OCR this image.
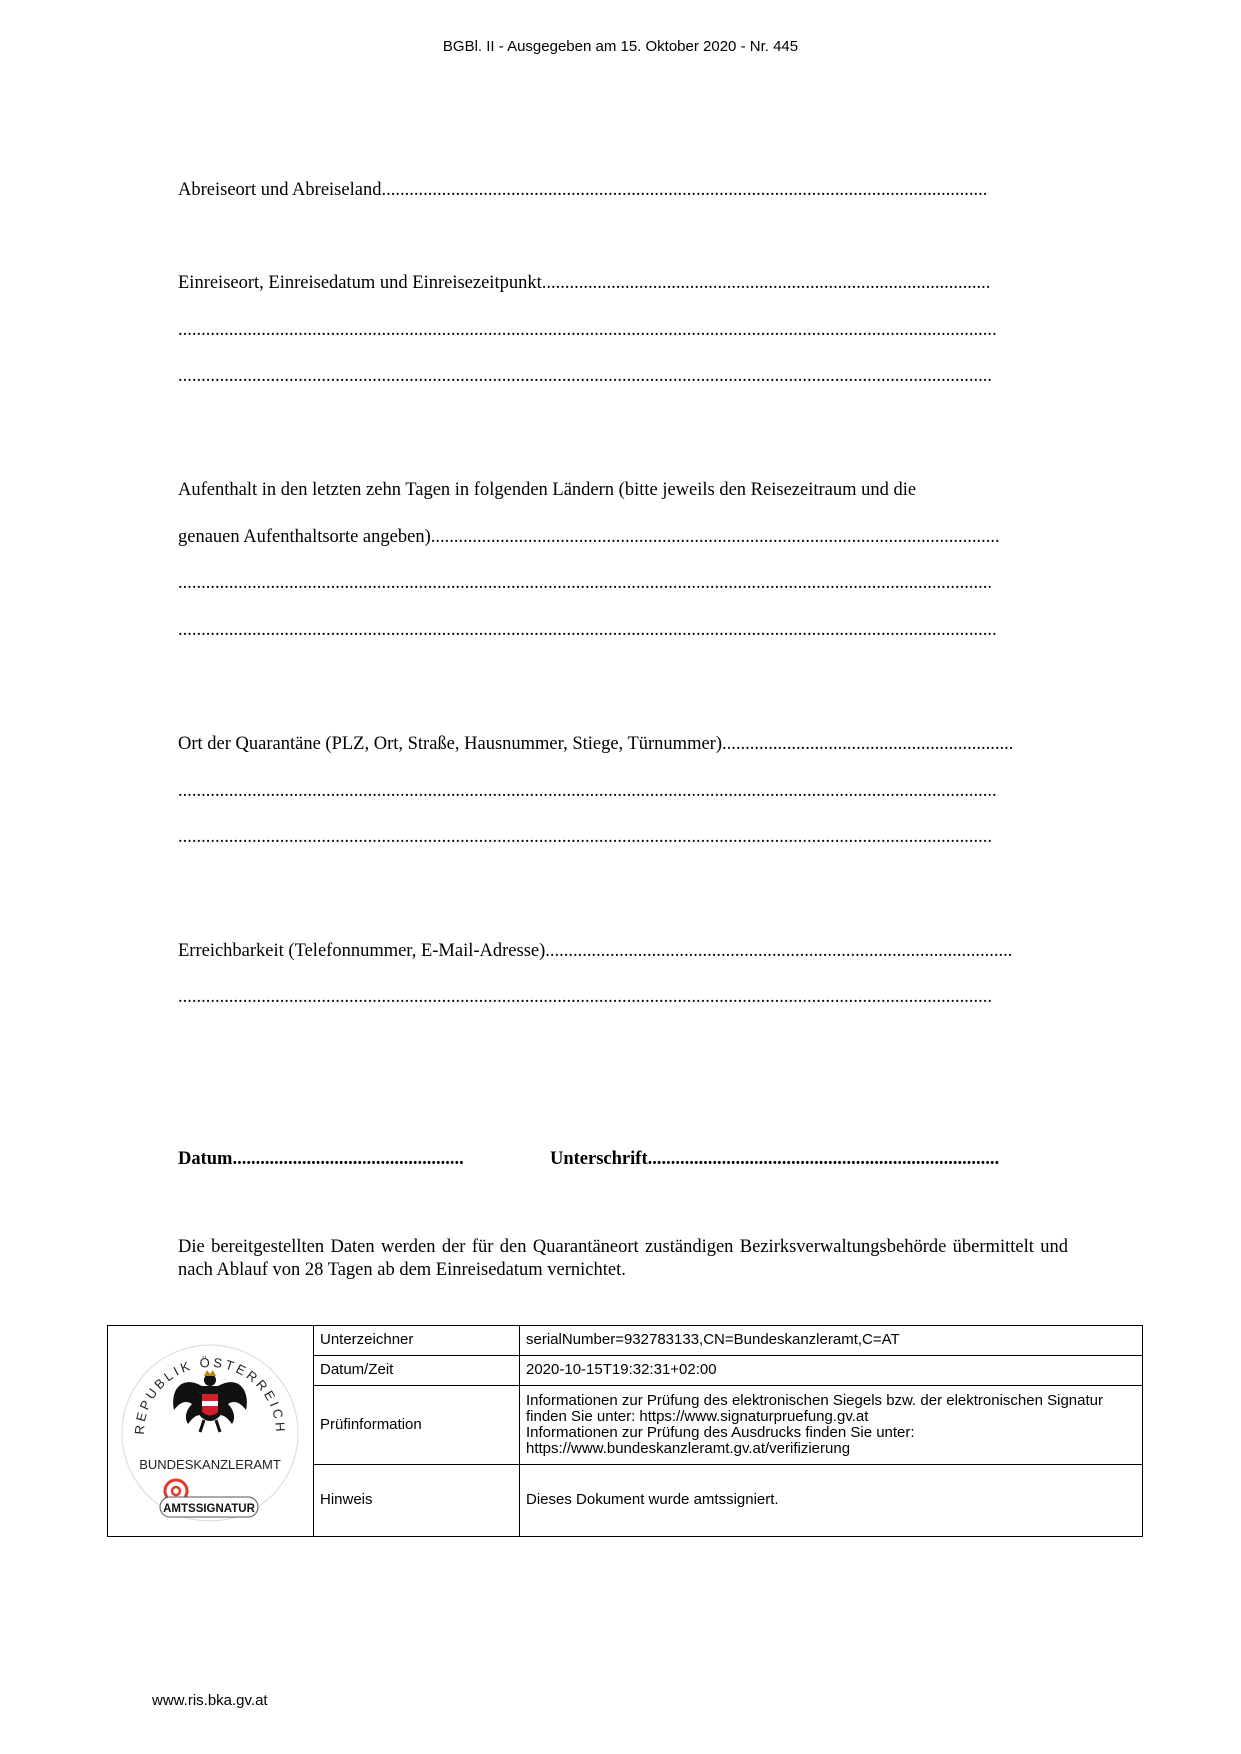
BGBl. II - Ausgegeben am 15. Oktober 2020 - Nr. 445
Abreiseort und Abreiseland...................................................................................................................................
Einreiseort, Einreisedatum und Einreisezeitpunkt.................................................................................................
.................................................................................................................................................................................
................................................................................................................................................................................
Aufenthalt in den letzten zehn Tagen in folgenden Ländern (bitte jeweils den Reisezeitraum und die
genauen Aufenthaltsorte angeben)...........................................................................................................................
................................................................................................................................................................................
.................................................................................................................................................................................
Ort der Quarantäne (PLZ, Ort, Straße, Hausnummer, Stiege, Türnummer)...............................................................
.................................................................................................................................................................................
................................................................................................................................................................................
Erreichbarkeit (Telefonnummer, E-Mail-Adresse).....................................................................................................
................................................................................................................................................................................
Datum..................................................	Unterschrift............................................................................
Die bereitgestellten Daten werden der für den Quarantäneort zuständigen Bezirksverwaltungsbehörde übermittelt und nach Ablauf von 28 Tagen ab dem Einreisedatum vernichtet.
REPUBLIK ÖSTERREICH
BUNDESKANZLERAMT
AMTSSIGNATUR	Unterzeichner	serialNumber=932783133,CN=Bundeskanzleramt,C=AT
	Datum/Zeit	2020-10-15T19:32:31+02:00
	Prüfinformation	Informationen zur Prüfung des elektronischen Siegels bzw. der elektronischen Signatur finden Sie unter: https://www.signaturpruefung.gv.at
Informationen zur Prüfung des Ausdrucks finden Sie unter: https://www.bundeskanzleramt.gv.at/verifizierung
	Hinweis	Dieses Dokument wurde amtssigniert.
www.ris.bka.gv.at
